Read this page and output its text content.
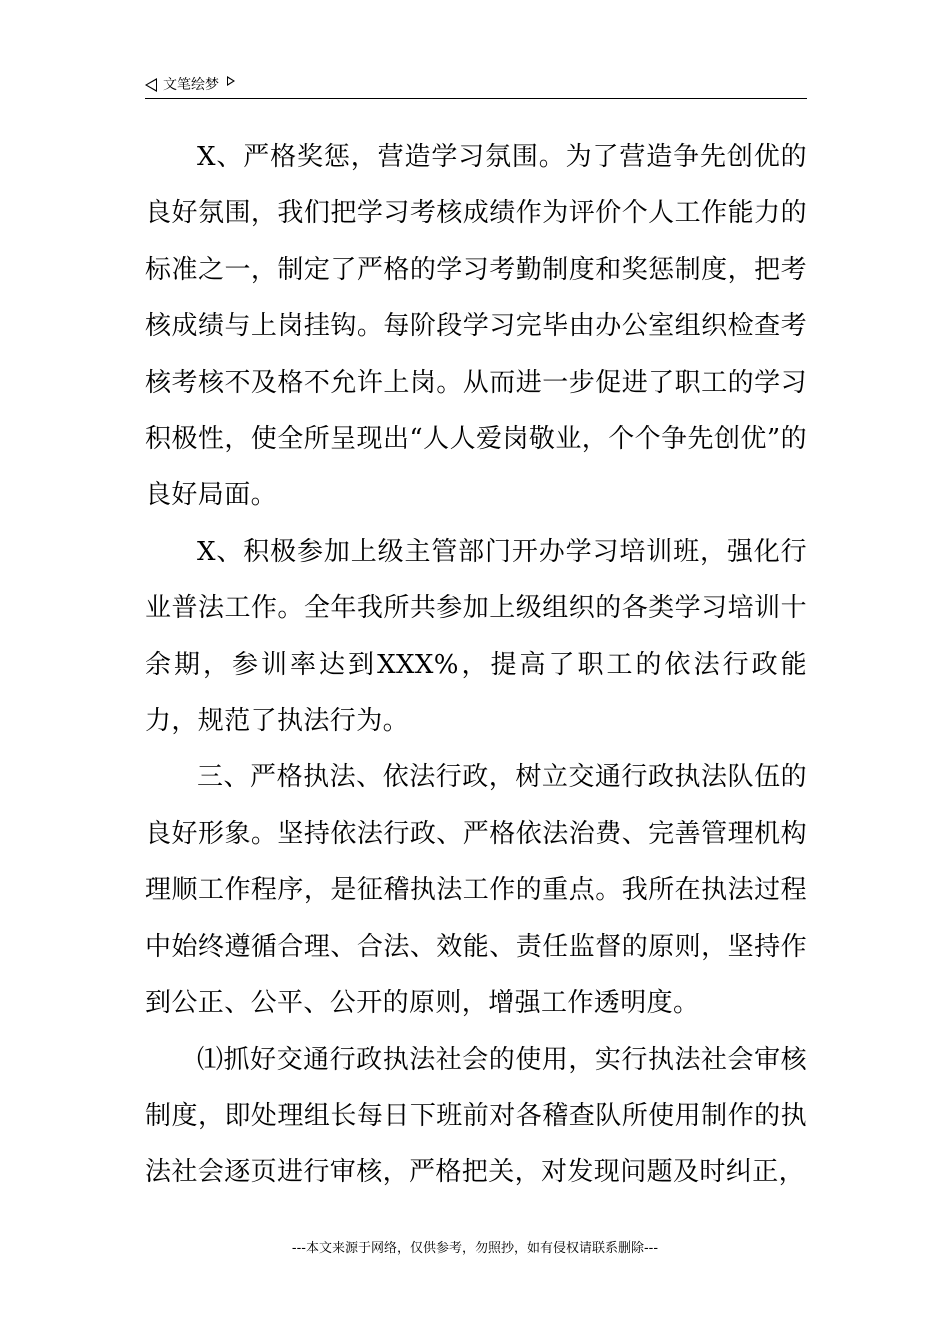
文笔绘梦

X、严格奖惩，营造学习氛围。为了营造争先创优的良好氛围，我们把学习考核成绩作为评价个人工作能力的标准之一，制定了严格的学习考勤制度和奖惩制度，把考核成绩与上岗挂钩。每阶段学习完毕由办公室组织检查考核考核不及格不允许上岗。从而进一步促进了职工的学习积极性，使全所呈现出“人人爱岗敬业，个个争先创优”的良好局面。

X、积极参加上级主管部门开办学习培训班，强化行业普法工作。全年我所共参加上级组织的各类学习培训十余期，参训率达到XXX%，提高了职工的依法行政能力，规范了执法行为。

三、严格执法、依法行政，树立交通行政执法队伍的良好形象。坚持依法行政、严格依法治费、完善管理机构理顺工作程序，是征稽执法工作的重点。我所在执法过程中始终遵循合理、合法、效能、责任监督的原则，坚持作到公正、公平、公开的原则，增强工作透明度。

⑴抓好交通行政执法社会的使用，实行执法社会审核制度，即处理组长每日下班前对各稽查队所使用制作的执法社会逐页进行审核，严格把关，对发现问题及时纠正，

---本文来源于网络，仅供参考，勿照抄，如有侵权请联系删除---
